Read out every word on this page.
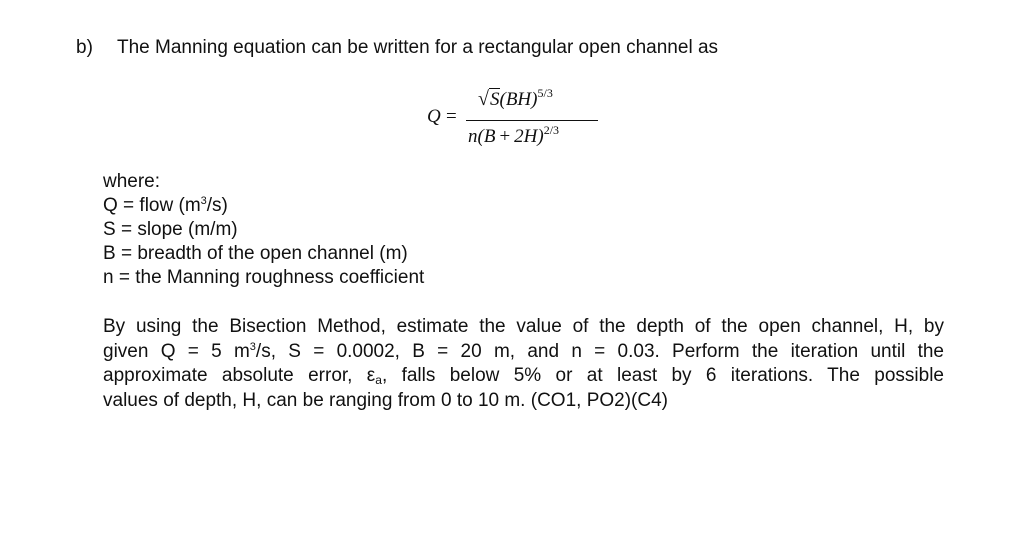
b) The Manning equation can be written for a rectangular open channel as
Q =
√ S(BH)$^{5/3}$
$n(B + 2H)^{2/3}$
where:
Q = flow $(m^3/s)$
S = slope (m/m)
B = breadth of the open channel (m)
n = the Manning roughness coefficient
By using the Bisection Method, estimate the value of the depth of the open channel, H, by
given Q = 5 $m^3/s$, S = 0.0002, B = 20 m, and n = 0.03. Perform the iteration until the
approximate absolute error, $\varepsilon_a$, falls below 5% or at least by 6 iterations. The possible
values of depth, H, can be ranging from 0 to 10 m. (CO1, PO2)(C4)
